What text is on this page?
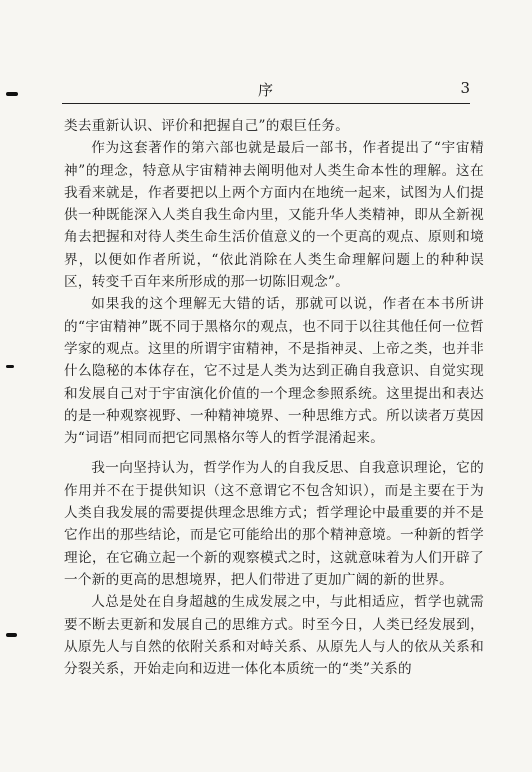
序	3

类去重新认识、评价和把握自己”的艰巨任务。

作为这套著作的第六部也就是最后一部书，作者提出了“宇宙精神”的理念，特意从宇宙精神去阐明他对人类生命本性的理解。这在我看来就是，作者要把以上两个方面内在地统一起来，试图为人们提供一种既能深入人类自我生命内里，又能升华人类精神，即从全新视角去把握和对待人类生命生活价值意义的一个更高的观点、原则和境界，以便如作者所说，“依此消除在人类生命理解问题上的种种误区，转变千百年来所形成的那一切陈旧观念”。

如果我的这个理解无大错的话，那就可以说，作者在本书所讲的“宇宙精神”既不同于黑格尔的观点，也不同于以往其他任何一位哲学家的观点。这里的所谓宇宙精神，不是指神灵、上帝之类，也并非什么隐秘的本体存在，它不过是人类为达到正确自我意识、自觉实现和发展自己对于宇宙演化价值的一个理念参照系统。这里提出和表达的是一种观察视野、一种精神境界、一种思维方式。所以读者万莫因为“词语”相同而把它同黑格尔等人的哲学混淆起来。

我一向坚持认为，哲学作为人的自我反思、自我意识理论，它的作用并不在于提供知识（这不意谓它不包含知识），而是主要在于为人类自我发展的需要提供理念思维方式；哲学理论中最重要的并不是它作出的那些结论，而是它可能给出的那个精神意境。一种新的哲学理论，在它确立起一个新的观察模式之时，这就意味着为人们开辟了一个新的更高的思想境界，把人们带进了更加广阔的新的世界。

人总是处在自身超越的生成发展之中，与此相适应，哲学也就需要不断去更新和发展自己的思维方式。时至今日，人类已经发展到，从原先人与自然的依附关系和对峙关系、从原先人与人的依从关系和分裂关系，开始走向和迈进一体化本质统一的“类”关系的
